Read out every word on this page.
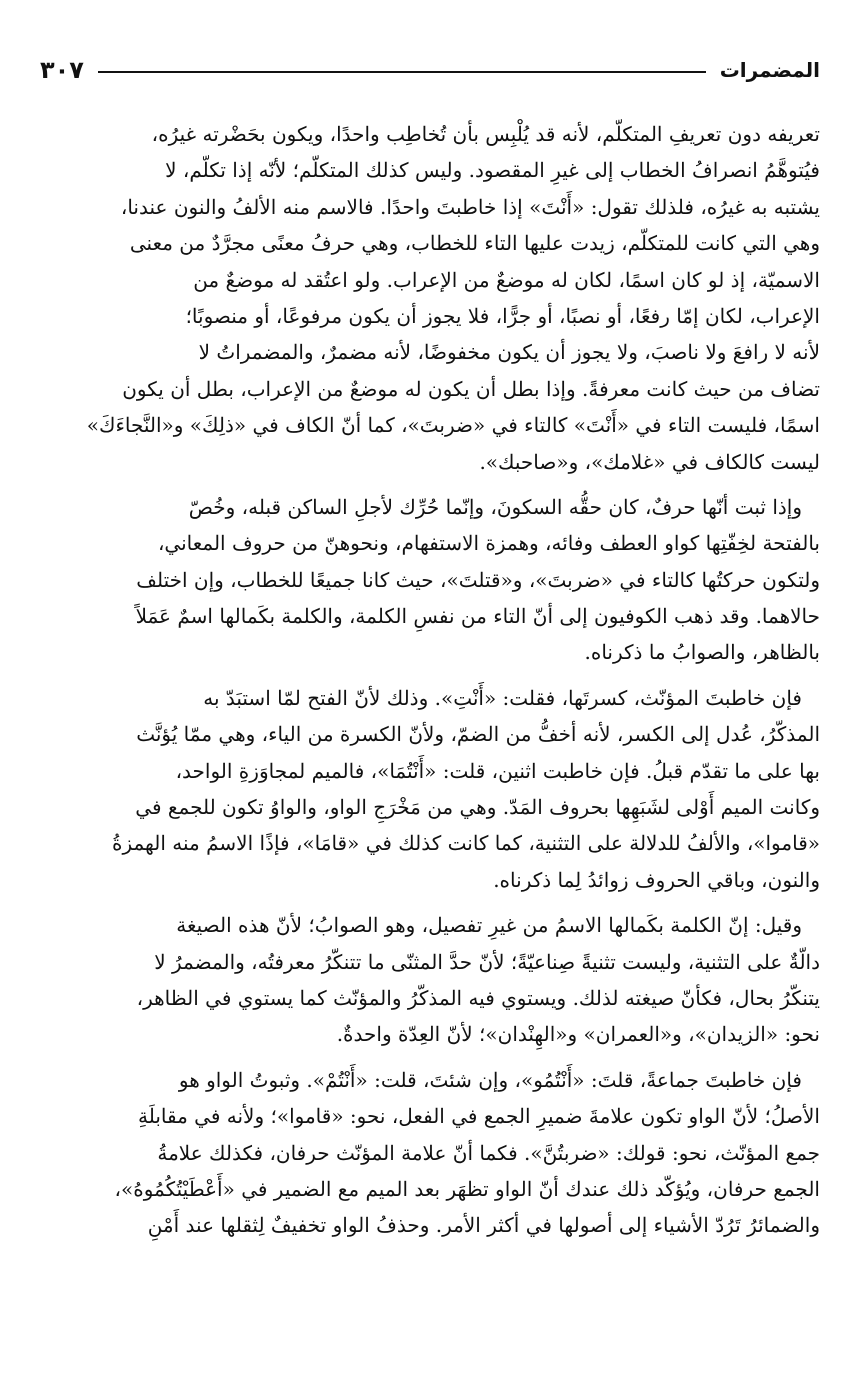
المضمرات
٣٠٧
تعريفه دون تعريفِ المتكلّم، لأنه قد يُلْبِس بأن تُخاطِب واحدًا، ويكون بحَضْرته غيرُه،
فيُتوهَّمُ انصرافُ الخطاب إلى غيرِ المقصود. وليس كذلك المتكلّم؛ لأنّه إذا تكلّم، لا
يشتبه به غيرُه، فلذلك تقول: «أَنْتَ» إذا خاطبتَ واحدًا. فالاسم منه الألفُ والنون عندنا،
وهي التي كانت للمتكلّم، زيدت عليها التاء للخطاب، وهي حرفُ معنًى مجرَّدٌ من معنى
الاسميّة، إذ لو كان اسمًا، لكان له موضعٌ من الإعراب. ولو اعتُقد له موضعٌ من
الإعراب، لكان إمّا رفعًا، أو نصبًا، أو جرًّا، فلا يجوز أن يكون مرفوعًا، أو منصوبًا؛
لأنه لا رافعَ ولا ناصبَ، ولا يجوز أن يكون مخفوضًا، لأنه مضمرٌ، والمضمراتُ لا
تضاف من حيث كانت معرفةً. وإذا بطل أن يكون له موضعٌ من الإعراب، بطل أن يكون
اسمًا، فليست التاء في «أَنْتَ» كالتاء في «ضربتَ»، كما أنّ الكاف في «ذلِكَ» و«النَّجاءَكَ»
ليست كالكاف في «غلامك»، و«صاحبك».
وإذا ثبت أنّها حرفٌ، كان حقُّه السكونَ، وإنّما حُرِّك لأجلِ الساكن قبله، وخُصّ
بالفتحة لخِفّتِها كواو العطف وفائه، وهمزة الاستفهام، ونحوهنّ من حروف المعاني،
ولتكون حركتُها كالتاء في «ضربتَ»، و«قتلتَ»، حيث كانا جميعًا للخطاب، وإن اختلف
حالاهما. وقد ذهب الكوفيون إلى أنّ التاء من نفسِ الكلمة، والكلمة بكَمالها اسمٌ عَمَلاً
بالظاهر، والصوابُ ما ذكرناه.
فإن خاطبتَ المؤنّث، كسرتَها، فقلت: «أَنْتِ». وذلك لأنّ الفتح لمّا استبَدّ به
المذكّرُ، عُدل إلى الكسر، لأنه أخفُّ من الضمّ، ولأنّ الكسرة من الياء، وهي ممّا يُؤنَّث
بها على ما تقدّم قبلُ. فإن خاطبت اثنين، قلت: «أَنْتُمَا»، فالميم لمجاوَزةِ الواحد،
وكانت الميم أَوْلى لشَبَهِها بحروف المَدّ. وهي من مَخْرَجِ الواو، والواوُ تكون للجمع في
«قاموا»، والألفُ للدلالة على التثنية، كما كانت كذلك في «قامَا»، فإذًا الاسمُ منه الهمزةُ
والنون، وباقي الحروف زوائدُ لِما ذكرناه.
وقيل: إنّ الكلمة بكَمالها الاسمُ من غيرِ تفصيل، وهو الصوابُ؛ لأنّ هذه الصيغة
دالّةٌ على التثنية، وليست تثنيةً صِناعيّةً؛ لأنّ حدَّ المثنّى ما تتنكّرُ معرفتُه، والمضمرُ لا
يتنكّرُ بحال، فكأنّ صيغته لذلك. ويستوي فيه المذكّرُ والمؤنّث كما يستوي في الظاهر،
نحو: «الزيدان»، و«العمران» و«الهِنْدان»؛ لأنّ العِدّة واحدةٌ.
فإن خاطبتَ جماعةً، قلتَ: «أَنْتُمُو»، وإن شئتَ، قلت: «أَنْتُمْ». وثبوتُ الواو هو
الأصلُ؛ لأنّ الواو تكون علامةَ ضميرِ الجمع في الفعل، نحو: «قاموا»؛ ولأنه في مقابلَةِ
جمع المؤنّث، نحو: قولك: «ضربتُنَّ». فكما أنّ علامة المؤنّث حرفان، فكذلك علامةُ
الجمع حرفان، ويُؤكّد ذلك عندك أنّ الواو تظهَر بعد الميم مع الضمير في «أَعْطَيْتُكُمُوهُ»،
والضمائرُ تَرُدّ الأشياء إلى أصولها في أكثر الأمر. وحذفُ الواو تخفيفٌ لِثقلها عند أَمْنِ
